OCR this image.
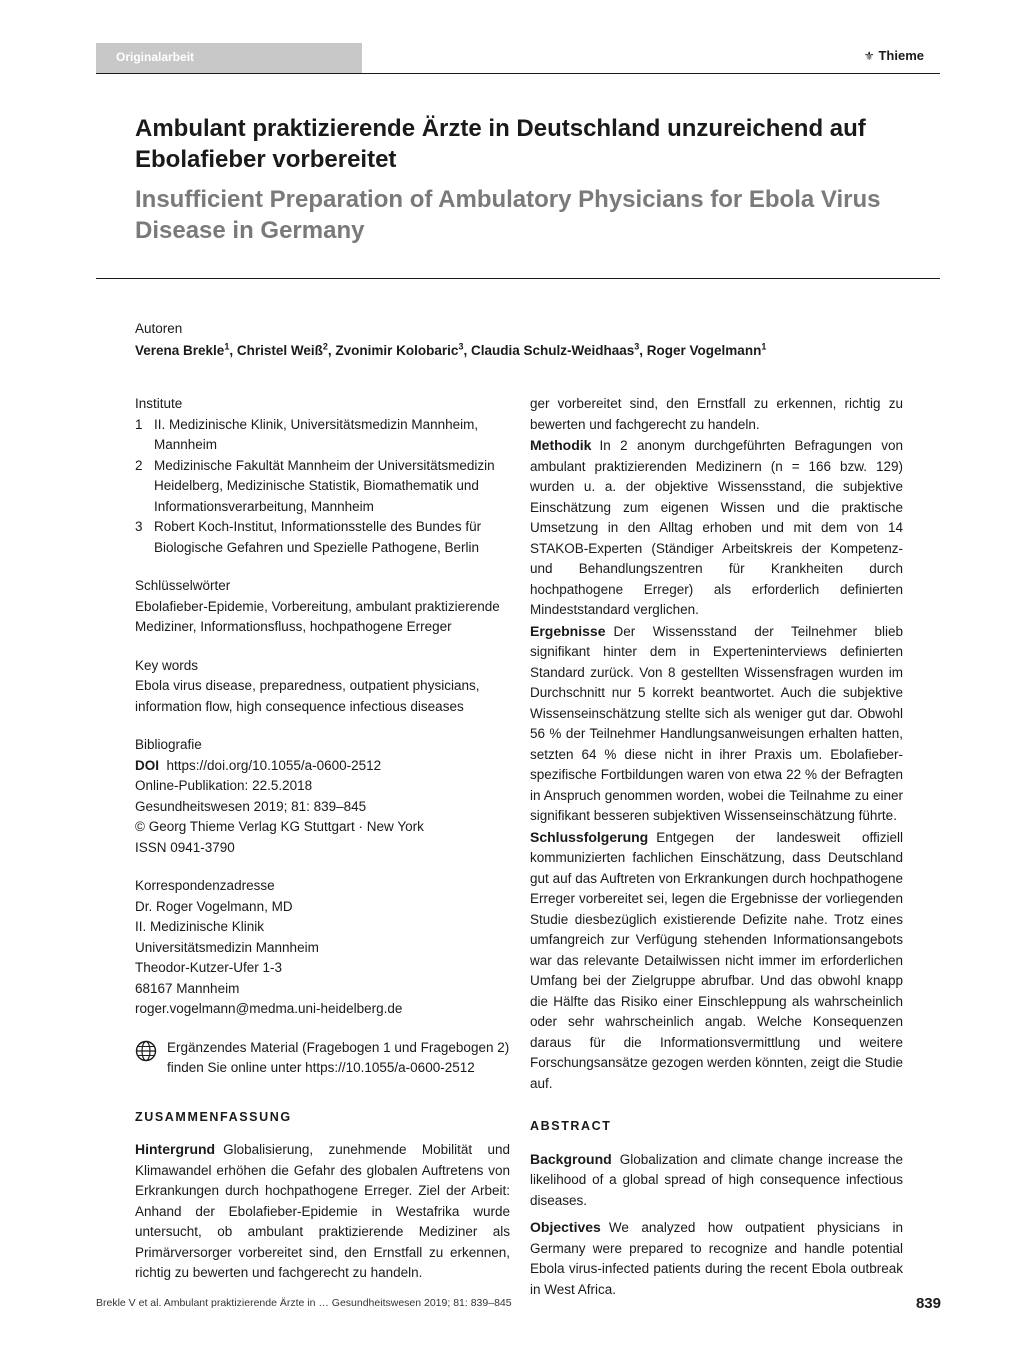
Originalarbeit	⚜ Thieme
Ambulant praktizierende Ärzte in Deutschland unzureichend auf Ebolafieber vorbereitet
Insufficient Preparation of Ambulatory Physicians for Ebola Virus Disease in Germany
Autoren
Verena Brekle$^1$, Christel Weiß$^2$, Zvonimir Kolobaric$^3$, Claudia Schulz-Weidhaas$^3$, Roger Vogelmann$^1$
Institute
1 II. Medizinische Klinik, Universitätsmedizin Mannheim,
Mannheim
2 Medizinische Fakultät Mannheim der Universitätsmedizin
Heidelberg, Medizinische Statistik, Biomathematik und
Informationsverarbeitung, Mannheim
3 Robert Koch-Institut, Informationsstelle des Bundes für
Biologische Gefahren und Spezielle Pathogene, Berlin
Schlüsselwörter
Ebolafieber-Epidemie, Vorbereitung, ambulant praktizierende
Mediziner, Informationsfluss, hochpathogene Erreger
Key words
Ebola virus disease, preparedness, outpatient physicians,
information flow, high consequence infectious diseases
Bibliografie
DOI https://doi.org/10.1055/a-0600-2512
Online-Publikation: 22.5.2018
Gesundheitswesen 2019; 81: 839–845
© Georg Thieme Verlag KG Stuttgart · New York
ISSN 0941-3790
Korrespondenzadresse
Dr. Roger Vogelmann, MD
II. Medizinische Klinik
Universitätsmedizin Mannheim
Theodor-Kutzer-Ufer 1-3
68167 Mannheim
roger.vogelmann@medma.uni-heidelberg.de
Ergänzendes Material (Fragebogen 1 und Fragebogen 2)
finden Sie online unter https://10.1055/a-0600-2512
ZUSAMMENFASSUNG

Hintergrund Globalisierung, zunehmende Mobilität und Klimawandel erhöhen die Gefahr des globalen Auftretens von Erkrankungen durch hochpathogene Erreger. Ziel der Arbeit: Anhand der Ebolafieber-Epidemie in Westafrika wurde untersucht, ob ambulant praktizierende Mediziner als Primärversorger vorbereitet sind, den Ernstfall zu erkennen, richtig zu bewerten und fachgerecht zu handeln.

ger vorbereitet sind, den Ernstfall zu erkennen, richtig zu bewerten und fachgerecht zu handeln.

Methodik In 2 anonym durchgeführten Befragungen von ambulant praktizierenden Medizinern (n = 166 bzw. 129) wurden u. a. der objektive Wissensstand, die subjektive Einschätzung zum eigenen Wissen und die praktische Umsetzung in den Alltag erhoben und mit dem von 14 STAKOB-Experten (Ständiger Arbeitskreis der Kompetenz- und Behandlungszentren für Krankheiten durch hochpathogene Erreger) als erforderlich definierten Mindeststandard verglichen.

Ergebnisse Der Wissensstand der Teilnehmer blieb signifikant hinter dem in Experteninterviews definierten Standard zurück. Von 8 gestellten Wissensfragen wurden im Durchschnitt nur 5 korrekt beantwortet. Auch die subjektive Wissenseinschätzung stellte sich als weniger gut dar. Obwohl 56 % der Teilnehmer Handlungsanweisungen erhalten hatten, setzten 64 % diese nicht in ihrer Praxis um. Ebolafieber-spezifische Fortbildungen waren von etwa 22 % der Befragten in Anspruch genommen worden, wobei die Teilnahme zu einer signifikant besseren subjektiven Wissenseinschätzung führte.

Schlussfolgerung Entgegen der landesweit offiziell kommunizierten fachlichen Einschätzung, dass Deutschland gut auf das Auftreten von Erkrankungen durch hochpathogene Erreger vorbereitet sei, legen die Ergebnisse der vorliegenden Studie diesbezüglich existierende Defizite nahe. Trotz eines umfangreich zur Verfügung stehenden Informationsangebots war das relevante Detailwissen nicht immer im erforderlichen Umfang bei der Zielgruppe abrufbar. Und das obwohl knapp die Hälfte das Risiko einer Einschleppung als wahrscheinlich oder sehr wahrscheinlich angab. Welche Konsequenzen daraus für die Informationsvermittlung und weitere Forschungsansätze gezogen werden könnten, zeigt die Studie auf.

ABSTRACT

Background Globalization and climate change increase the likelihood of a global spread of high consequence infectious diseases.

Objectives We analyzed how outpatient physicians in Germany were prepared to recognize and handle potential Ebola virus-infected patients during the recent Ebola outbreak in West Africa.

Brekle V et al. Ambulant praktizierende Ärzte in … Gesundheitswesen 2019; 81: 839–845	839
